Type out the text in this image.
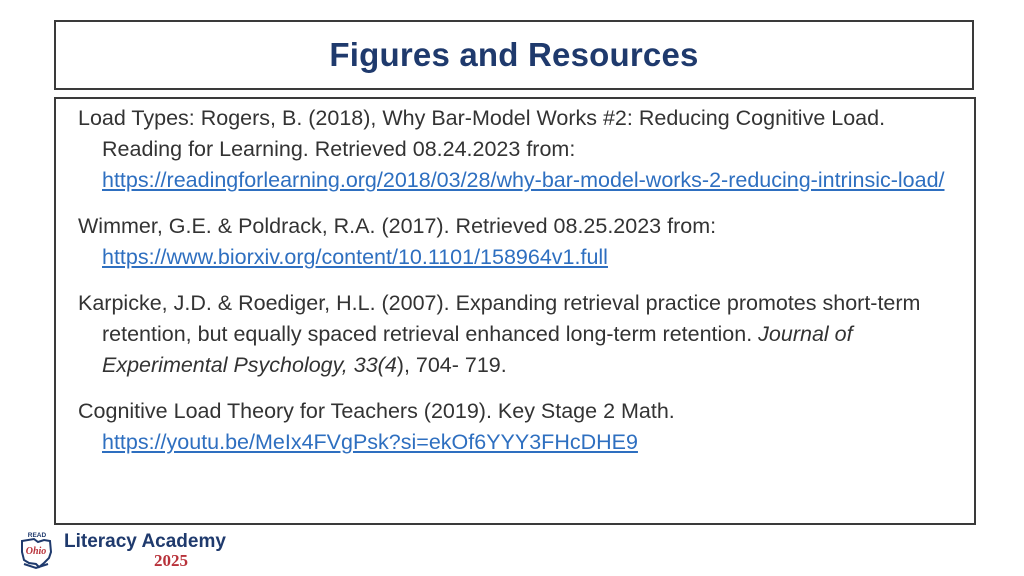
Figures and Resources

Load Types: Rogers, B. (2018), Why Bar-Model Works #2: Reducing Cognitive Load. Reading for Learning. Retrieved 08.24.2023 from: https://readingforlearning.org/2018/03/28/why-bar-model-works-2-reducing-intrinsic-load/

Wimmer, G.E. & Poldrack, R.A. (2017). Retrieved 08.25.2023 from: https://www.biorxiv.org/content/10.1101/158964v1.full

Karpicke, J.D. & Roediger, H.L. (2007). Expanding retrieval practice promotes short-term retention, but equally spaced retrieval enhanced long-term retention. Journal of Experimental Psychology, 33(4), 704- 719.

Cognitive Load Theory for Teachers (2019). Key Stage 2 Math. https://youtu.be/MeIx4FVgPsk?si=ekOf6YYY3FHcDHE9

READ
Ohio Literacy Academy
2025
